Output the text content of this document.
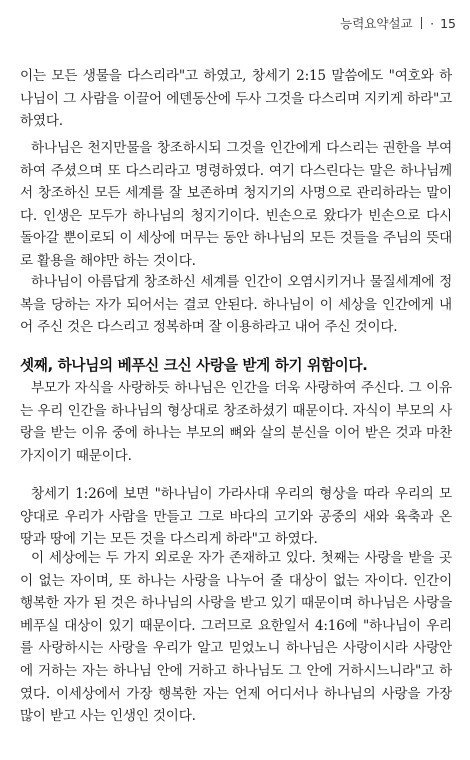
능력요약설교 · 15

이는 모든 생물을 다스리라"고 하였고, 창세기 2:15 말씀에도 "여호와 하나님이 그 사람을 이끌어 에덴동산에 두사 그것을 다스리며 지키게 하라"고 하였다.

하나님은 천지만물을 창조하시되 그것을 인간에게 다스리는 권한을 부여하여 주셨으며 또 다스리라고 명령하였다. 여기 다스린다는 말은 하나님께서 창조하신 모든 세계를 잘 보존하며 청지기의 사명으로 관리하라는 말이다. 인생은 모두가 하나님의 청지기이다. 빈손으로 왔다가 빈손으로 다시 돌아갈 뿐이로되 이 세상에 머무는 동안 하나님의 모든 것들을 주님의 뜻대로 활용을 해야만 하는 것이다.

하나님이 아름답게 창조하신 세계를 인간이 오염시키거나 물질세계에 정복을 당하는 자가 되어서는 결코 안된다. 하나님이 이 세상을 인간에게 내어 주신 것은 다스리고 정복하며 잘 이용하라고 내어 주신 것이다.

셋째, 하나님의 베푸신 크신 사랑을 받게 하기 위함이다.

부모가 자식을 사랑하듯 하나님은 인간을 더욱 사랑하여 주신다. 그 이유는 우리 인간을 하나님의 형상대로 창조하셨기 때문이다. 자식이 부모의 사랑을 받는 이유 중에 하나는 부모의 뼈와 살의 분신을 이어 받은 것과 마찬가지이기 때문이다.

창세기 1:26에 보면 "하나님이 가라사대 우리의 형상을 따라 우리의 모양대로 우리가 사람을 만들고 그로 바다의 고기와 공중의 새와 육축과 온 땅과 땅에 기는 모든 것을 다스리게 하라"고 하였다.

이 세상에는 두 가지 외로운 자가 존재하고 있다. 첫째는 사랑을 받을 곳이 없는 자이며, 또 하나는 사랑을 나누어 줄 대상이 없는 자이다. 인간이 행복한 자가 된 것은 하나님의 사랑을 받고 있기 때문이며 하나님은 사랑을 베푸실 대상이 있기 때문이다. 그러므로 요한일서 4:16에 "하나님이 우리를 사랑하시는 사랑을 우리가 알고 믿었노니 하나님은 사랑이시라 사랑안에 거하는 자는 하나님 안에 거하고 하나님도 그 안에 거하시느니라"고 하였다. 이세상에서 가장 행복한 자는 언제 어디서나 하나님의 사랑을 가장 많이 받고 사는 인생인 것이다.
